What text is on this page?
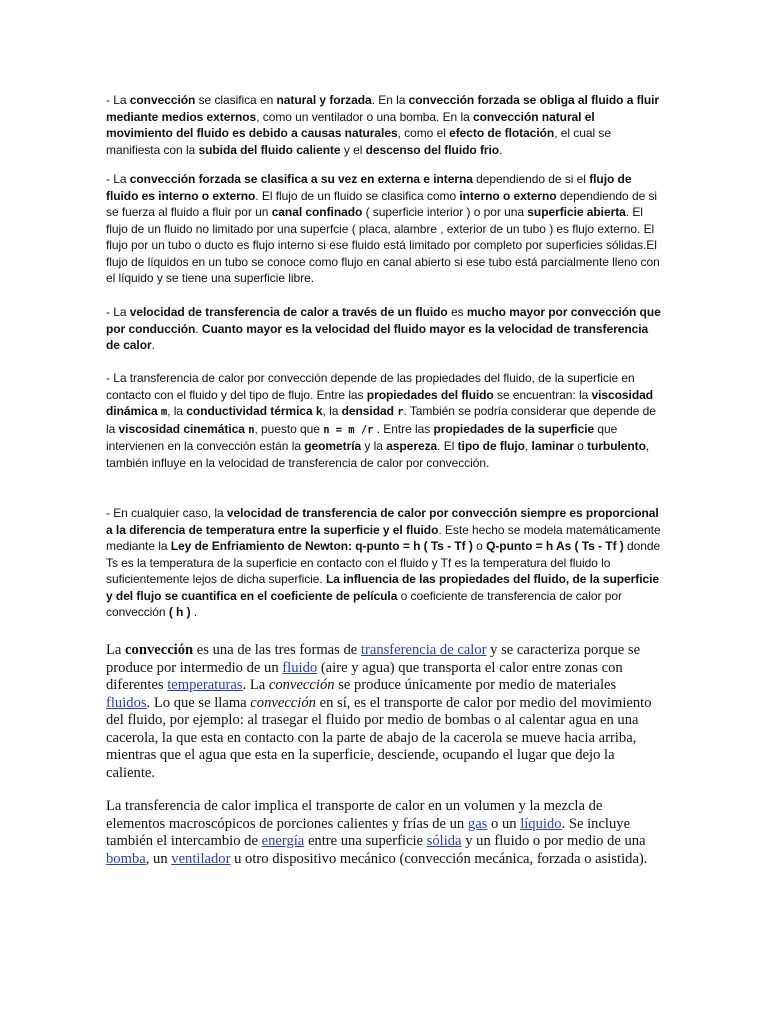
- La convección se clasifica en natural y forzada. En la convección forzada se obliga al fluido a fluir mediante medios externos, como un ventilador o una bomba. En la convección natural el movimiento del fluido es debido a causas naturales, como el efecto de flotación, el cual se manifiesta con la subida del fluido caliente y el descenso del fluido frio.

- La convección forzada se clasifica a su vez en externa e interna dependiendo de si el flujo de fluido es interno o externo. El flujo de un fluido se clasifica como interno o externo dependiendo de si se fuerza al fluido a fluir por un canal confinado ( superficie interior ) o por una superficie abierta. El flujo de un fluido no limitado por una superfcie ( placa, alambre , exterior de un tubo ) es flujo externo. El flujo por un tubo o ducto es flujo interno si ese fluido está limitado por completo por superficies sólidas.El flujo de líquidos en un tubo se conoce como flujo en canal abierto si ese tubo está parcialmente lleno con el líquido y se tiene una superficie libre.

- La velocidad de transferencia de calor a través de un fluido es mucho mayor por convección que por conducción. Cuanto mayor es la velocidad del fluido mayor es la velocidad de transferencia de calor.

- La transferencia de calor por convección depende de las propiedades del fluido, de la superficie en contacto con el fluido y del tipo de flujo. Entre las propiedades del fluido se encuentran: la viscosidad dinámica m, la conductividad térmica k, la densidad r. También se podría considerar que depende de la viscosidad cinemática n, puesto que n = m /r . Entre las propiedades de la superficie que intervienen en la convección están la geometría y la aspereza. El tipo de flujo, laminar o turbulento, también influye en la velocidad de transferencia de calor por convección.

- En cualquier caso, la velocidad de transferencia de calor por convección siempre es proporcional a la diferencia de temperatura entre la superficie y el fluido. Este hecho se modela matemáticamente mediante la Ley de Enfriamiento de Newton: q-punto = h ( Ts - Tf ) o Q-punto = h As ( Ts - Tf ) donde Ts es la temperatura de la superficie en contacto con el fluido y Tf es la temperatura del fluido lo suficientemente lejos de dicha superficie. La influencia de las propiedades del fluido, de la superficie y del flujo se cuantifica en el coeficiente de película o coeficiente de transferencia de calor por convección ( h ) .

La convección es una de las tres formas de transferencia de calor y se caracteriza porque se produce por intermedio de un fluido (aire y agua) que transporta el calor entre zonas con diferentes temperaturas. La convección se produce únicamente por medio de materiales fluidos. Lo que se llama convección en sí, es el transporte de calor por medio del movimiento del fluido, por ejemplo: al trasegar el fluido por medio de bombas o al calentar agua en una cacerola, la que esta en contacto con la parte de abajo de la cacerola se mueve hacia arriba, mientras que el agua que esta en la superficie, desciende, ocupando el lugar que dejo la caliente.

La transferencia de calor implica el transporte de calor en un volumen y la mezcla de elementos macroscópicos de porciones calientes y frías de un gas o un líquido. Se incluye también el intercambio de energía entre una superficie sólida y un fluido o por medio de una bomba, un ventilador u otro dispositivo mecánico (convección mecánica, forzada o asistida).
